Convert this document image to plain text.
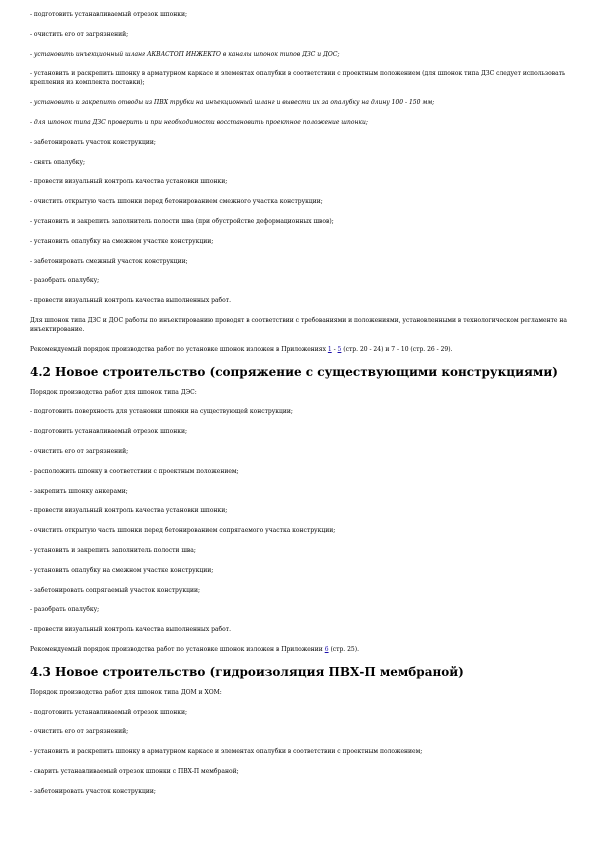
- подготовить устанавливаемый отрезок шпонки;

- очистить его от загрязнений;

- установить инъекционный шланг АКВАСТОП ИНЖЕКТО в каналы шпонок типов ДЗС и ДОС;

- установить и раскрепить шпонку в арматурном каркасе и элементах опалубки в соответствии с проектным положением (для шпонок типа ДЗС следует использовать крепления из комплекта поставки);

- установить и закрепить отводы из ПВХ трубки на инъекционный шланг и вывести их за опалубку на длину 100 - 150 мм;

- для шпонок типа ДЗС проверить и при необходимости восстановить проектное положение шпонки;

- забетонировать участок конструкции;

- снять опалубку;

- провести визуальный контроль качества установки шпонки;

- очистить открытую часть шпонки перед бетонированием смежного участка конструкции;

- установить и закрепить заполнитель полости шва (при обустройстве деформационных швов);

- установить опалубку на смежном участке конструкции;

- забетонировать смежный участок конструкции;

- разобрать опалубку;

- провести визуальный контроль качества выполненных работ.

Для шпонок типа ДЗС и ДОС работы по инъектированию проводят в соответствии с требованиями и положениями, установленными в технологическом регламенте на инъектирование.

Рекомендуемый порядок производства работ по установке шпонок изложен в Приложениях 1 - 5 (стр. 20 - 24) и 7 - 10 (стр. 26 - 29).

4.2 Новое строительство (сопряжение с существующими конструкциями)

Порядок производства работ для шпонок типа ДЭС:

- подготовить поверхность для установки шпонки на существующей конструкции;

- подготовить устанавливаемый отрезок шпонки;

- очистить его от загрязнений;

- расположить шпонку в соответствии с проектным положением;

- закрепить шпонку анкерами;

- провести визуальный контроль качества установки шпонки;

- очистить открытую часть шпонки перед бетонированием сопрягаемого участка конструкции;

- установить и закрепить заполнитель полости шва;

- установить опалубку на смежном участке конструкции;

- забетонировать сопрягаемый участок конструкции;

- разобрать опалубку;

- провести визуальный контроль качества выполненных работ.

Рекомендуемый порядок производства работ по установке шпонок изложен в Приложении 6 (стр. 25).

4.3 Новое строительство (гидроизоляция ПВХ-П мембраной)

Порядок производства работ для шпонок типа ДОМ и ХОМ:

- подготовить устанавливаемый отрезок шпонки;

- очистить его от загрязнений;

- установить и раскрепить шпонку в арматурном каркасе и элементах опалубки в соответствии с проектным положением;

- сварить устанавливаемый отрезок шпонки с ПВХ-П мембраной;

- забетонировать участок конструкции;
